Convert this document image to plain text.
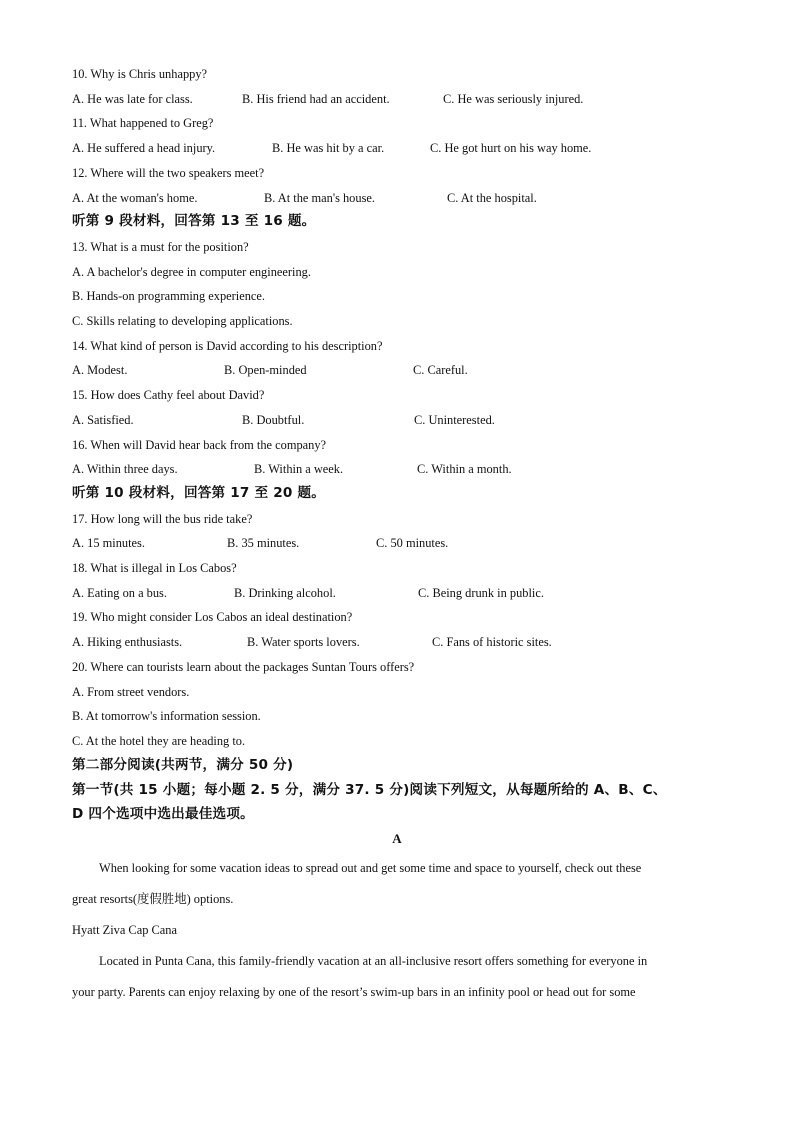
10. Why is Chris unhappy?
A. He was late for class.	B. His friend had an accident.	C. He was seriously injured.
11. What happened to Greg?
A. He suffered a head injury.	B. He was hit by a car.	C. He got hurt on his way home.
12. Where will the two speakers meet?
A. At the woman's home.	B. At the man's house.	C. At the hospital.
听第 9 段材料，回答第 13 至 16 题。
13. What is a must for the position?
A. A bachelor's degree in computer engineering.
B. Hands-on programming experience.
C. Skills relating to developing applications.
14. What kind of person is David according to his description?
A. Modest.	B. Open-minded	C. Careful.
15. How does Cathy feel about David?
A. Satisfied.	B. Doubtful.	C. Uninterested.
16. When will David hear back from the company?
A. Within three days.	B. Within a week.	C. Within a month.
听第 10 段材料，回答第 17 至 20 题。
17. How long will the bus ride take?
A. 15 minutes.	B. 35 minutes.	C. 50 minutes.
18. What is illegal in Los Cabos?
A. Eating on a bus.	B. Drinking alcohol.	C. Being drunk in public.
19. Who might consider Los Cabos an ideal destination?
A. Hiking enthusiasts.	B. Water sports lovers.	C. Fans of historic sites.
20. Where can tourists learn about the packages Suntan Tours offers?
A. From street vendors.
B. At tomorrow's information session.
C. At the hotel they are heading to.
第二部分阅读(共两节，满分 50 分)
第一节(共 15 小题；每小题 2. 5 分，满分 37. 5 分)阅读下列短文，从每题所给的 A、B、C、
D 四个选项中选出最佳选项。
A
When looking for some vacation ideas to spread out and get some time and space to yourself, check out these
great resorts(度假胜地) options.
Hyatt Ziva Cap Cana
Located in Punta Cana, this family-friendly vacation at an all-inclusive resort offers something for everyone in
your party. Parents can enjoy relaxing by one of the resort’s swim-up bars in an infinity pool or head out for some
